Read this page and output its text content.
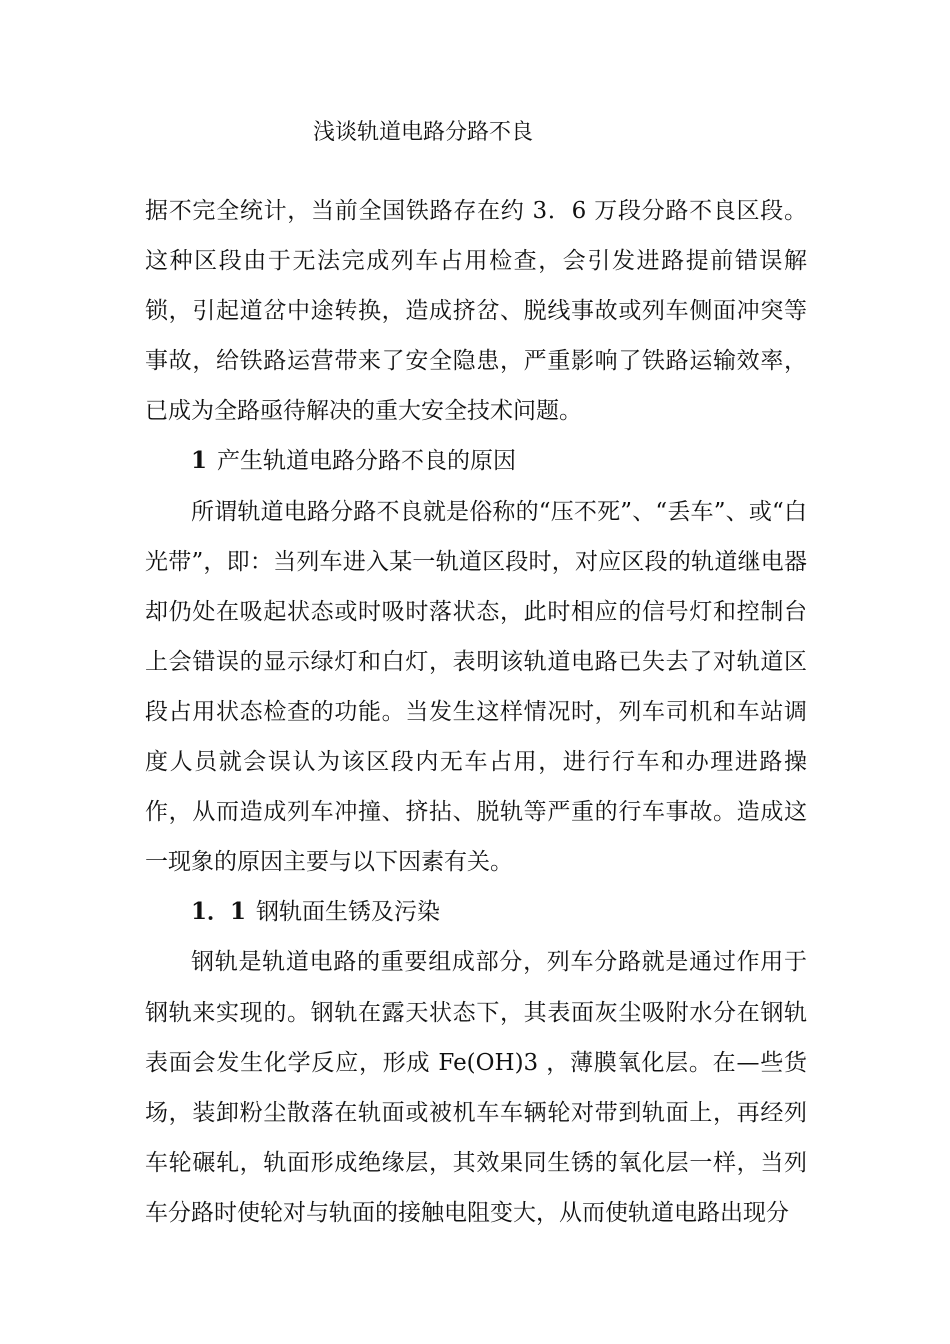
浅谈轨道电路分路不良

据不完全统计，当前全国铁路存在约 3．6 万段分路不良区段。这种区段由于无法完成列车占用检查，会引发进路提前错误解锁，引起道岔中途转换，造成挤岔、脱线事故或列车侧面冲突等事故，给铁路运营带来了安全隐患，严重影响了铁路运输效率，已成为全路亟待解决的重大安全技术问题。

1 产生轨道电路分路不良的原因

所谓轨道电路分路不良就是俗称的“压不死”、“丢车”、或“白光带”，即：当列车进入某一轨道区段时，对应区段的轨道继电器却仍处在吸起状态或时吸时落状态，此时相应的信号灯和控制台上会错误的显示绿灯和白灯，表明该轨道电路已失去了对轨道区段占用状态检查的功能。当发生这样情况时，列车司机和车站调度人员就会误认为该区段内无车占用，进行行车和办理进路操作，从而造成列车冲撞、挤拈、脱轨等严重的行车事故。造成这一现象的原因主要与以下因素有关。

1．1 钢轨面生锈及污染

钢轨是轨道电路的重要组成部分，列车分路就是通过作用于钢轨来实现的。钢轨在露天状态下，其表面灰尘吸附水分在钢轨表面会发生化学反应，形成 Fe(OH)3 ，薄膜氧化层。在—些货场，装卸粉尘散落在轨面或被机车车辆轮对带到轨面上，再经列车轮碾轧，轨面形成绝缘层，其效果同生锈的氧化层一样，当列车分路时使轮对与轨面的接触电阻变大，从而使轨道电路出现分
